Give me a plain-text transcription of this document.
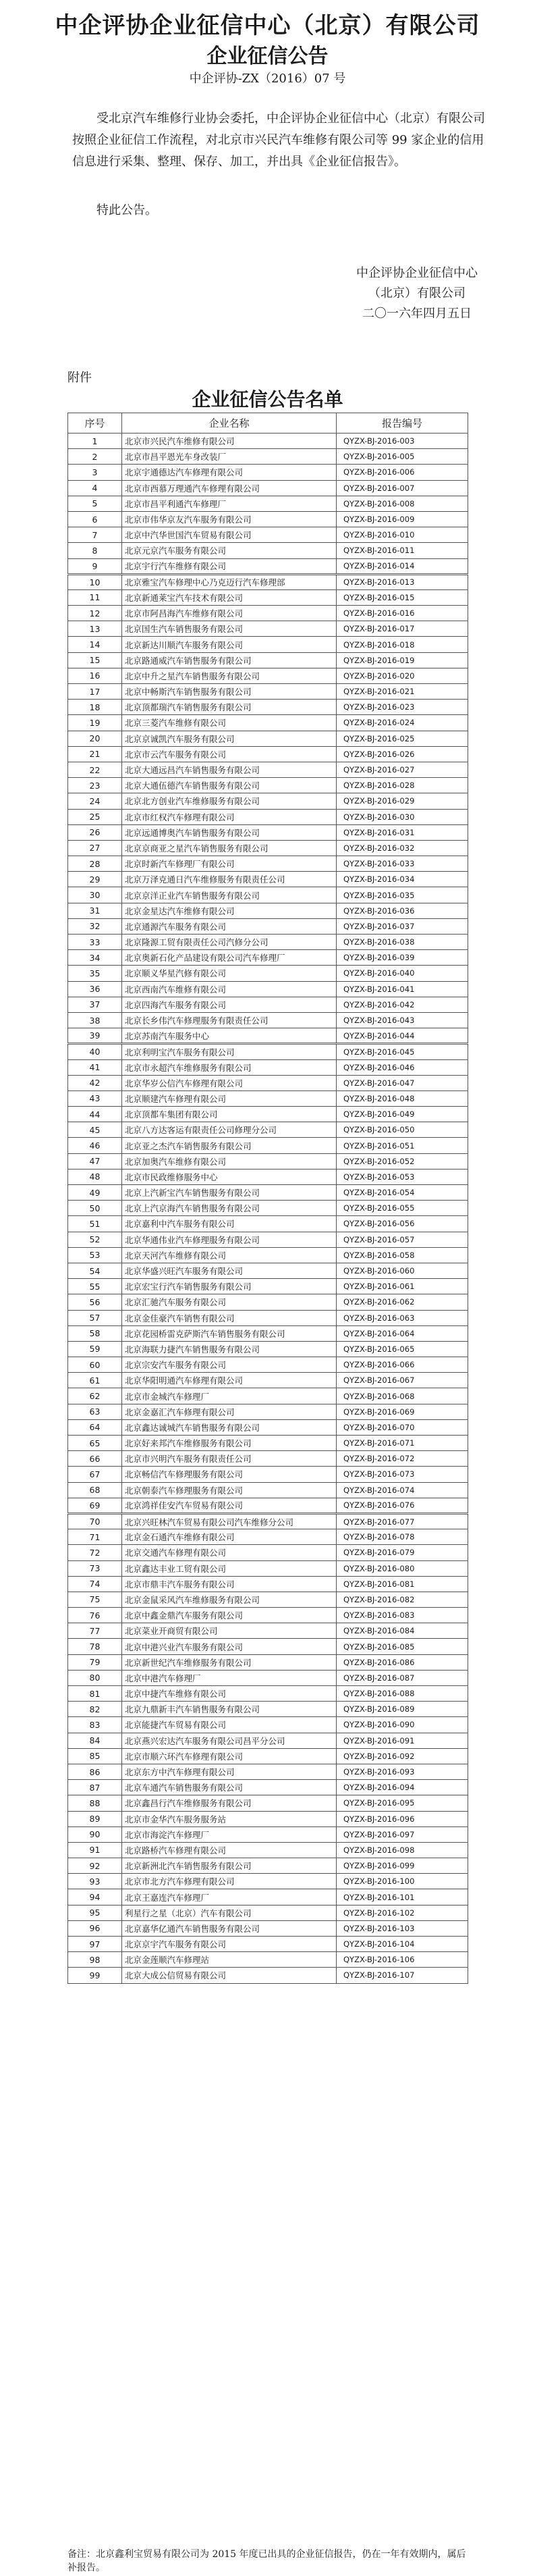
中企评协企业征信中心（北京）有限公司
企业征信公告
中企评协-ZX（2016）07 号

受北京汽车维修行业协会委托，中企评协企业征信中心（北京）有限公司按照企业征信工作流程，对北京市兴民汽车维修有限公司等 99 家企业的信用信息进行采集、整理、保存、加工，并出具《企业征信报告》。

特此公告。

中企评协企业征信中心
（北京）有限公司
二〇一六年四月五日
附件
企业征信公告名单
序号	企业名称	报告编号
1	北京市兴民汽车维修有限公司	QYZX-BJ-2016-003
2	北京市昌平恩光车身改装厂	QYZX-BJ-2016-005
3	北京宇通德达汽车修理有限公司	QYZX-BJ-2016-006
4	北京市西慕万理通汽车修理有限公司	QYZX-BJ-2016-007
5	北京市昌平利通汽车修理厂	QYZX-BJ-2016-008
6	北京市伟华京友汽车服务有限公司	QYZX-BJ-2016-009
7	北京中汽华世国汽车贸易有限公司	QYZX-BJ-2016-010
8	北京元京汽车服务有限公司	QYZX-BJ-2016-011
9	北京宇行汽车维修有限公司	QYZX-BJ-2016-014
10	北京雅宝汽车修理中心乃克迈行汽车修理部	QYZX-BJ-2016-013
11	北京新通莱宝汽车技术有限公司	QYZX-BJ-2016-015
12	北京市阿昌海汽车维修有限公司	QYZX-BJ-2016-016
13	北京国生汽车销售服务有限公司	QYZX-BJ-2016-017
14	北京新达川顺汽车服务有限公司	QYZX-BJ-2016-018
15	北京路通威汽车销售服务有限公司	QYZX-BJ-2016-019
16	北京中升之星汽车销售服务有限公司	QYZX-BJ-2016-020
17	北京中畅斯汽车销售服务有限公司	QYZX-BJ-2016-021
18	北京顶都瑞汽车销售服务有限公司	QYZX-BJ-2016-023
19	北京三菱汽车维修有限公司	QYZX-BJ-2016-024
20	北京京诚凯汽车服务有限公司	QYZX-BJ-2016-025
21	北京市云汽车服务有限公司	QYZX-BJ-2016-026
22	北京大通远昌汽车销售服务有限公司	QYZX-BJ-2016-027
23	北京大通伍德汽车销售服务有限公司	QYZX-BJ-2016-028
24	北京北方创业汽车维修服务有限公司	QYZX-BJ-2016-029
25	北京市红权汽车修理有限公司	QYZX-BJ-2016-030
26	北京远通博奥汽车销售服务有限公司	QYZX-BJ-2016-031
27	北京京商亚之星汽车销售服务有限公司	QYZX-BJ-2016-032
28	北京时新汽车修理厂有限公司	QYZX-BJ-2016-033
29	北京万泽克通日汽车维修服务有限责任公司	QYZX-BJ-2016-034
30	北京京洋正业汽车销售服务有限公司	QYZX-BJ-2016-035
31	北京金星达汽车维修有限公司	QYZX-BJ-2016-036
32	北京通源汽车服务有限公司	QYZX-BJ-2016-037
33	北京隆源工贸有限责任公司汽修分公司	QYZX-BJ-2016-038
34	北京奥新石化产品建设有限公司汽车修理厂	QYZX-BJ-2016-039
35	北京顺义华星汽修有限公司	QYZX-BJ-2016-040
36	北京西南汽车维修有限公司	QYZX-BJ-2016-041
37	北京四海汽车服务有限公司	QYZX-BJ-2016-042
38	北京长乡伟汽车修理服务有限责任公司	QYZX-BJ-2016-043
39	北京苏南汽车服务中心	QYZX-BJ-2016-044
40	北京利明宝汽车服务有限公司	QYZX-BJ-2016-045
41	北京市永超汽车维修服务有限公司	QYZX-BJ-2016-046
42	北京华岁公信汽车修理有限公司	QYZX-BJ-2016-047
43	北京顺建汽车修理有限公司	QYZX-BJ-2016-048
44	北京顶都车集团有限公司	QYZX-BJ-2016-049
45	北京八方达客运有限责任公司修理分公司	QYZX-BJ-2016-050
46	北京亚之杰汽车销售服务有限公司	QYZX-BJ-2016-051
47	北京加奥汽车维修有限公司	QYZX-BJ-2016-052
48	北京市民政维修服务中心	QYZX-BJ-2016-053
49	北京上汽新宝汽车销售服务有限公司	QYZX-BJ-2016-054
50	北京上汽京海汽车销售服务有限公司	QYZX-BJ-2016-055
51	北京嘉利中汽车服务有限公司	QYZX-BJ-2016-056
52	北京华通伟业汽车修理服务有限公司	QYZX-BJ-2016-057
53	北京天河汽车维修有限公司	QYZX-BJ-2016-058
54	北京华盛兴旺汽车服务有限公司	QYZX-BJ-2016-060
55	北京宏宝行汽车销售服务有限公司	QYZX-BJ-2016-061
56	北京汇驰汽车服务有限公司	QYZX-BJ-2016-062
57	北京金佳豪汽车销售有限公司	QYZX-BJ-2016-063
58	北京花园桥雷克萨斯汽车销售服务有限公司	QYZX-BJ-2016-064
59	北京海联力捷汽车销售服务有限公司	QYZX-BJ-2016-065
60	北京宗安汽车服务有限公司	QYZX-BJ-2016-066
61	北京华阳明通汽车修理有限公司	QYZX-BJ-2016-067
62	北京市金城汽车修理厂	QYZX-BJ-2016-068
63	北京金嘉汇汽车修理有限公司	QYZX-BJ-2016-069
64	北京鑫达诚城汽车销售服务有限公司	QYZX-BJ-2016-070
65	北京好来邦汽车维修服务有限公司	QYZX-BJ-2016-071
66	北京市兴明汽车服务有限责任公司	QYZX-BJ-2016-072
67	北京畅信汽车修理服务有限公司	QYZX-BJ-2016-073
68	北京朝泰汽车修理服务有限公司	QYZX-BJ-2016-074
69	北京鸿祥佳安汽车贸易有限公司	QYZX-BJ-2016-076
70	北京兴旺林汽车贸易有限公司汽车维修分公司	QYZX-BJ-2016-077
71	北京金石通汽车维修有限公司	QYZX-BJ-2016-078
72	北京交通汽车修理有限公司	QYZX-BJ-2016-079
73	北京鑫达丰业工贸有限公司	QYZX-BJ-2016-080
74	北京市鼎丰汽车服务有限公司	QYZX-BJ-2016-081
75	北京金鼠采风汽车维修服务有限公司	QYZX-BJ-2016-082
76	北京中鑫金鼎汽车服务有限公司	QYZX-BJ-2016-083
77	北京菜业开商贸有限公司	QYZX-BJ-2016-084
78	北京中港兴业汽车服务有限公司	QYZX-BJ-2016-085
79	北京新世纪汽车维修服务有限公司	QYZX-BJ-2016-086
80	北京中港汽车修理厂	QYZX-BJ-2016-087
81	北京中捷汽车维修有限公司	QYZX-BJ-2016-088
82	北京九鼎新丰汽车销售服务有限公司	QYZX-BJ-2016-089
83	北京能捷汽车贸易有限公司	QYZX-BJ-2016-090
84	北京燕兴宏达汽车服务有限公司昌平分公司	QYZX-BJ-2016-091
85	北京市顺六环汽车修理有限公司	QYZX-BJ-2016-092
86	北京东方中汽车修理有限公司	QYZX-BJ-2016-093
87	北京车通汽车销售服务有限公司	QYZX-BJ-2016-094
88	北京鑫昌行汽车维修服务有限公司	QYZX-BJ-2016-095
89	北京市金华汽车服务服务站	QYZX-BJ-2016-096
90	北京市海淀汽车修理厂	QYZX-BJ-2016-097
91	北京路桥汽车修理有限公司	QYZX-BJ-2016-098
92	北京新洲北汽车销售服务有限公司	QYZX-BJ-2016-099
93	北京市北方汽车修理有限公司	QYZX-BJ-2016-100
94	北京王嘉连汽车修理厂	QYZX-BJ-2016-101
95	利星行之星（北京）汽车有限公司	QYZX-BJ-2016-102
96	北京嘉华亿通汽车销售服务有限公司	QYZX-BJ-2016-103
97	北京京宇汽车服务有限公司	QYZX-BJ-2016-104
98	北京金莲顺汽车修理站	QYZX-BJ-2016-106
99	北京大成公信贸易有限公司	QYZX-BJ-2016-107
备注：北京鑫利宝贸易有限公司为 2015 年度已出具的企业征信报告，仍在一年有效期内，属后补报告。
